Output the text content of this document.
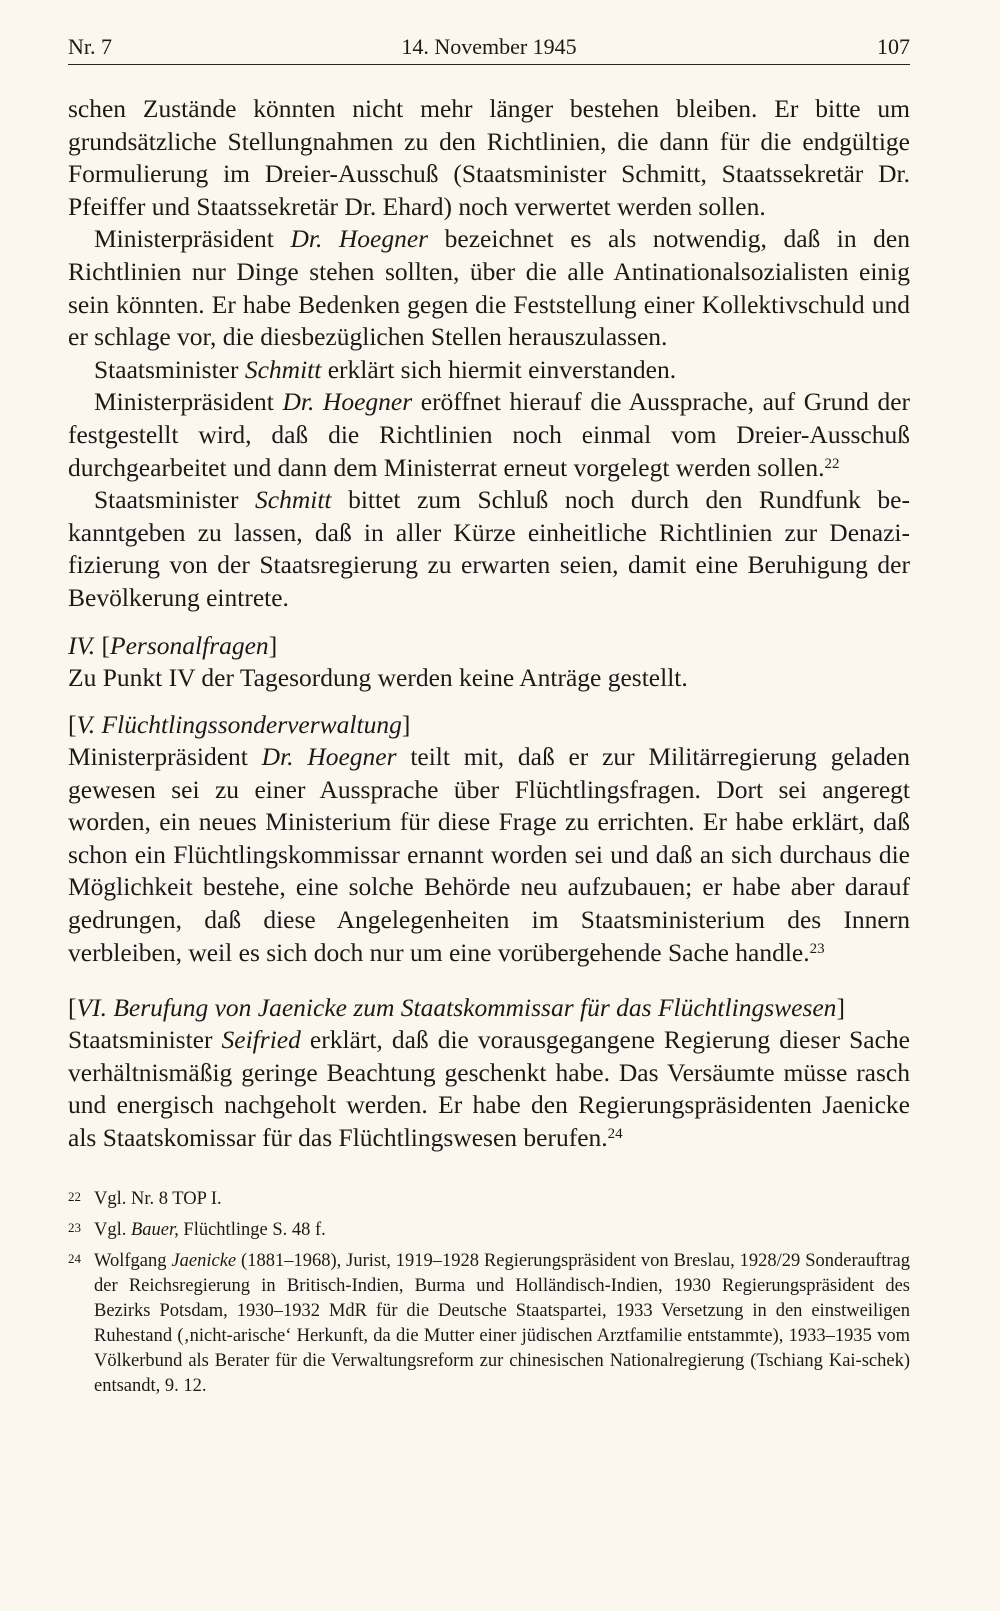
Nr. 7	14. November 1945	107

schen Zustände könnten nicht mehr länger bestehen bleiben. Er bitte um grundsätzliche Stellungnahmen zu den Richtlinien, die dann für die endgültige Formulierung im Dreier-Ausschuß (Staatsminister Schmitt, Staatssekretär Dr. Pfeiffer und Staatssekretär Dr. Ehard) noch verwertet werden sollen.

Ministerpräsident Dr. Hoegner bezeichnet es als notwendig, daß in den Richtlinien nur Dinge stehen sollten, über die alle Antinationalsozialisten einig sein könnten. Er habe Bedenken gegen die Feststellung einer Kollektivschuld und er schlage vor, die diesbezüglichen Stellen herauszulassen.

Staatsminister Schmitt erklärt sich hiermit einverstanden.

Ministerpräsident Dr. Hoegner eröffnet hierauf die Aussprache, auf Grund der festgestellt wird, daß die Richtlinien noch einmal vom Dreier-Ausschuß durchgearbeitet und dann dem Ministerrat erneut vorgelegt werden sollen.$^{22}$

Staatsminister Schmitt bittet zum Schluß noch durch den Rundfunk bekanntgeben zu lassen, daß in aller Kürze einheitliche Richtlinien zur Denazifizierung von der Staatsregierung zu erwarten seien, damit eine Beruhigung der Bevölkerung eintrete.

IV. [Personalfragen]

Zu Punkt IV der Tagesordung werden keine Anträge gestellt.

[V. Flüchtlingssonderverwaltung]

Ministerpräsident Dr. Hoegner teilt mit, daß er zur Militärregierung geladen gewesen sei zu einer Aussprache über Flüchtlingsfragen. Dort sei angeregt worden, ein neues Ministerium für diese Frage zu errichten. Er habe erklärt, daß schon ein Flüchtlingskommissar ernannt worden sei und daß an sich durchaus die Möglichkeit bestehe, eine solche Behörde neu aufzubauen; er habe aber darauf gedrungen, daß diese Angelegenheiten im Staatsministerium des Innern verbleiben, weil es sich doch nur um eine vorübergehende Sache handle.$^{23}$

[VI. Berufung von Jaenicke zum Staatskommissar für das Flüchtlingswesen]

Staatsminister Seifried erklärt, daß die vorausgegangene Regierung dieser Sache verhältnismäßig geringe Beachtung geschenkt habe. Das Versäumte müsse rasch und energisch nachgeholt werden. Er habe den Regierungspräsidenten Jaenicke als Staatskomissar für das Flüchtlingswesen berufen.$^{24}$

22 Vgl. Nr. 8 TOP I.

23 Vgl. Bauer, Flüchtlinge S. 48 f.

24 Wolfgang Jaenicke (1881–1968), Jurist, 1919–1928 Regierungspräsident von Breslau, 1928/29 Sonderauftrag der Reichsregierung in Britisch-Indien, Burma und Holländisch-Indien, 1930 Regierungspräsident des Bezirks Potsdam, 1930–1932 MdR für die Deutsche Staatspartei, 1933 Versetzung in den einstweiligen Ruhestand (‚nicht-arische‘ Herkunft, da die Mutter einer jüdischen Arztfamilie entstammte), 1933–1935 vom Völkerbund als Berater für die Verwaltungsreform zur chinesischen Nationalregierung (Tschiang Kai-schek) entsandt, 9. 12.
